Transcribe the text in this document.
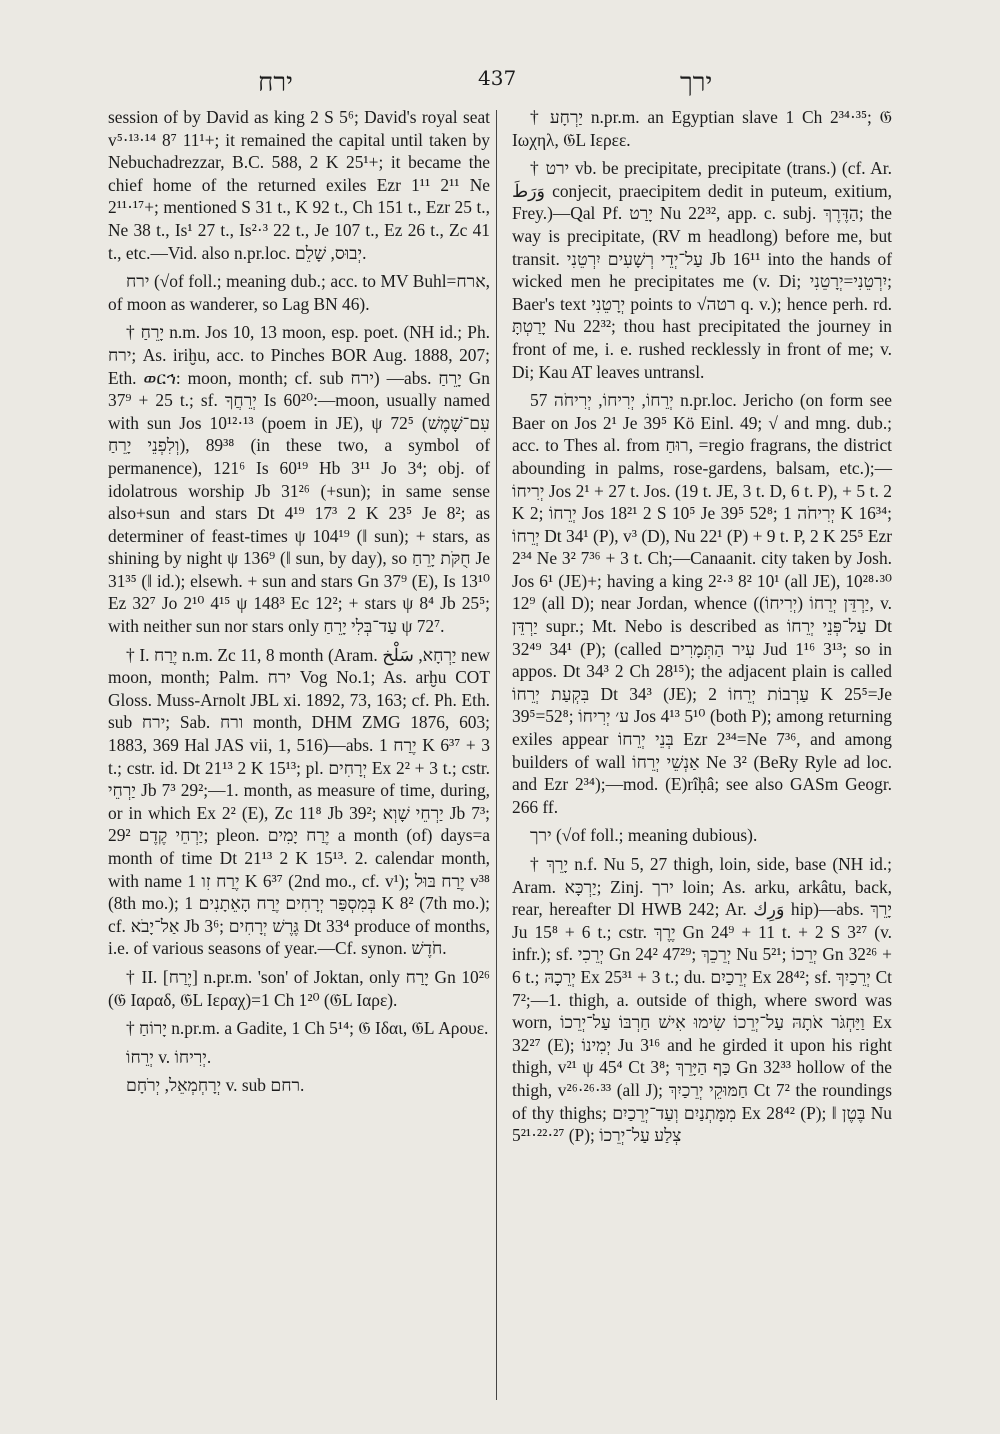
ירח	437	ירך

session of by David as king 2 S 5⁶; David's royal seat v⁵·¹³·¹⁴ 8⁷ 11¹+; it remained the capital until taken by Nebuchadrezzar, B.C. 588, 2 K 25¹+; it became the chief home of the returned exiles Ezr 1¹¹ 2¹¹ Ne 2¹¹·¹⁷+; mentioned S 31 t., K 92 t., Ch 151 t., Ezr 25 t., Ne 38 t., Is¹ 27 t., Is²·³ 22 t., Je 107 t., Ez 26 t., Zc 41 t., etc.—Vid. also n.pr.loc. יְבוּס, שָׁלֵם.

ירח (√of foll.; meaning dub.; acc. to MV Buhl=ארח, of moon as wanderer, so Lag BN 46).

† יָרֵחַ n.m. Jos 10, 13 moon, esp. poet. (NH id.; Ph. ירח; As. iriḫu, acc. to Pinches BOR Aug. 1888, 207; Eth. ወርኅ: moon, month; cf. sub ירח) —abs. יָרֵחַ Gn 37⁹ + 25 t.; sf. יְרֵחֲךָ Is 60²⁰:—moon, usually named with sun Jos 10¹²·¹³ (poem in JE), ψ 72⁵ (עִם־שָׁמֶשׁ וְלִפְנֵי יָרֵחַ), 89³⁸ (in these two, a symbol of permanence), 121⁶ Is 60¹⁹ Hb 3¹¹ Jo 3⁴; obj. of idolatrous worship Jb 31²⁶ (+sun); in same sense also+sun and stars Dt 4¹⁹ 17³ 2 K 23⁵ Je 8²; as determiner of feast-times ψ 104¹⁹ (‖ sun); + stars, as shining by night ψ 136⁹ (‖ sun, by day), so חֻקֹּת יָרֵחַ Je 31³⁵ (‖ id.); elsewh. + sun and stars Gn 37⁹ (E), Is 13¹⁰ Ez 32⁷ Jo 2¹⁰ 4¹⁵ ψ 148³ Ec 12²; + stars ψ 8⁴ Jb 25⁵; with neither sun nor stars only עַד־בְּלִי יָרֵחַ ψ 72⁷.

† I. יֶרַח n.m. Zc 11, 8 month (Aram. יַרְחָא, سَلْخ new moon, month; Palm. ירח Vog No.1; As. arḫu COT Gloss. Muss-Arnolt JBL xi. 1892, 73, 163; cf. Ph. Eth. sub ירח; Sab. ורח month, DHM ZMG 1876, 603; 1883, 369 Hal JAS vii, 1, 516)—abs. יֶרַח 1 K 6³⁷ + 3 t.; cstr. id. Dt 21¹³ 2 K 15¹³; pl. יְרָחִים Ex 2² + 3 t.; cstr. יַרְחֵי Jb 7³ 29²;—1. month, as measure of time, during, or in which Ex 2² (E), Zc 11⁸ Jb 39²; יַרְחֵי שָׁוְא Jb 7³; יַרְחֵי קֶדֶם 29²; pleon. יֶרַח יָמִים a month (of) days=a month of time Dt 21¹³ 2 K 15¹³. 2. calendar month, with name יֶרַח זִו 1 K 6³⁷ (2nd mo., cf. v¹); יֶרַח בּוּל v³⁸ (8th mo.); בְּמִסְפַּר יְרָחִים יֶרַח הָאֵתָנִים 1 K 8² (7th mo.); cf. אַל־יָבֹא Jb 3⁶; גֶּרֶשׁ יְרָחִים Dt 33⁴ produce of months, i.e. of various seasons of year.—Cf. synon. חֹדֶשׁ.

† II. [יֶרַח] n.pr.m. 'son' of Joktan, only יָרַח Gn 10²⁶ (𝔊 Ιαραδ, 𝔊L Ιεραχ)=1 Ch 1²⁰ (𝔊L Ιαρε).

† יָרוֹחַ n.pr.m. a Gadite, 1 Ch 5¹⁴; 𝔊 Ιδαι, 𝔊L Αρουε.

יְרֵחוֹ v. יְרִיחוֹ.

יְרָחְמְאֵל, יְרֹחָם v. sub רחם.

† יַרְחָע n.pr.m. an Egyptian slave 1 Ch 2³⁴·³⁵; 𝔊 Ιωχηλ, 𝔊L Ιερεε.

† ירט vb. be precipitate, precipitate (trans.) (cf. Ar. وَرَطَ conjecit, praecipitem dedit in puteum, exitium, Frey.)—Qal Pf. יָרַט Nu 22³², app. c. subj. הַדֶּרֶךְ; the way is precipitate, (RV m headlong) before me, but transit. עַל־יְדֵי רְשָׁעִים יִרְטֵנִי Jb 16¹¹ into the hands of wicked men he precipitates me (v. Di; יִרְטֵנִי=יְרָטֵנִי; Baer's text יְרָטֵנִי points to √רטה q. v.); hence perh. rd. יָרַטְתָּ Nu 22³²; thou hast precipitated the journey in front of me, i. e. rushed recklessly in front of me; v. Di; Kau AT leaves untransl.

יְרֵחוֹ, יְרִיחוֹ, יְרִיחֹה 57 n.pr.loc. Jericho (on form see Baer on Jos 2¹ Je 39⁵ Kö Einl. 49; √ and mng. dub.; acc. to Thes al. from רוּחַ, =regio fragrans, the district abounding in palms, rose-gardens, balsam, etc.);—יְרִיחוֹ Jos 2¹ + 27 t. Jos. (19 t. JE, 3 t. D, 6 t. P), + 5 t. 2 K 2; יְרֵחוֹ Jos 18²¹ 2 S 10⁵ Je 39⁵ 52⁸; יְרִיחֹה 1 K 16³⁴; יְרֵחוֹ Dt 34¹ (P), v³ (D), Nu 22¹ (P) + 9 t. P, 2 K 25⁵ Ezr 2³⁴ Ne 3² 7³⁶ + 3 t. Ch;—Canaanit. city taken by Josh. Jos 6¹ (JE)+; having a king 2²·³ 8² 10¹ (all JE), 10²⁸·³⁰ 12⁹ (all D); near Jordan, whence (יַרְדֵּן יְרֵחוֹ (יְרִיחוֹ), v. יַרְדֵּן supr.; Mt. Nebo is described as עַל־פְּנֵי יְרֵחוֹ Dt 32⁴⁹ 34¹ (P); (called עִיר הַתְּמָרִים Jud 1¹⁶ 3¹³; so in appos. Dt 34³ 2 Ch 28¹⁵); the adjacent plain is called בִּקְעַת יְרֵחוֹ Dt 34³ (JE); עַרְבוֹת יְרֵחוֹ 2 K 25⁵=Je 39⁵=52⁸; ע׳ יְרִיחוֹ Jos 4¹³ 5¹⁰ (both P); among returning exiles appear בְּנֵי יְרֵחוֹ Ezr 2³⁴=Ne 7³⁶, and among builders of wall אַנְשֵׁי יְרֵחוֹ Ne 3² (BeRy Ryle ad loc. and Ezr 2³⁴);—mod. (E)rîḥâ; see also GASm Geogr. 266 ff.

ירך (√of foll.; meaning dubious).

† יָרֵךְ n.f. Nu 5, 27 thigh, loin, side, base (NH id.; Aram. יַרְכָּא; Zinj. ירך loin; As. arku, arkâtu, back, rear, hereafter Dl HWB 242; Ar. وَرِك hip)—abs. יָרֵךְ Ju 15⁸ + 6 t.; cstr. יֶרֶךְ Gn 24⁹ + 11 t. + 2 S 3²⁷ (v. infr.); sf. יְרֵכִי Gn 24² 47²⁹; יְרֵכֵךְ Nu 5²¹; יְרֵכוֹ Gn 32²⁶ + 6 t.; יְרֵכָהּ Ex 25³¹ + 3 t.; du. יְרֵכַיִם Ex 28⁴²; sf. יְרֵכַיִךְ Ct 7²;—1. thigh, a. outside of thigh, where sword was worn, וַיַּחְגֹּר אֹתָהּ עַל־יְרֵכוֹ שִׂימוּ אִישׁ חַרְבּוֹ עַל־יְרֵכוֹ Ex 32²⁷ (E); יְמִינוֹ Ju 3¹⁶ and he girded it upon his right thigh, v²¹ ψ 45⁴ Ct 3⁸; כַּף הַיָּרֵךְ Gn 32³³ hollow of the thigh, v²⁶·²⁶·³³ (all J); חַמּוּקֵי יְרֵכַיִךְ Ct 7² the roundings of thy thighs; מִמָּתְנַיִם וְעַד־יְרֵכַיִם Ex 28⁴² (P); ‖ בֶּטֶן Nu 5²¹·²²·²⁷ (P); צְלַע עַל־יְרֵכוֹ
